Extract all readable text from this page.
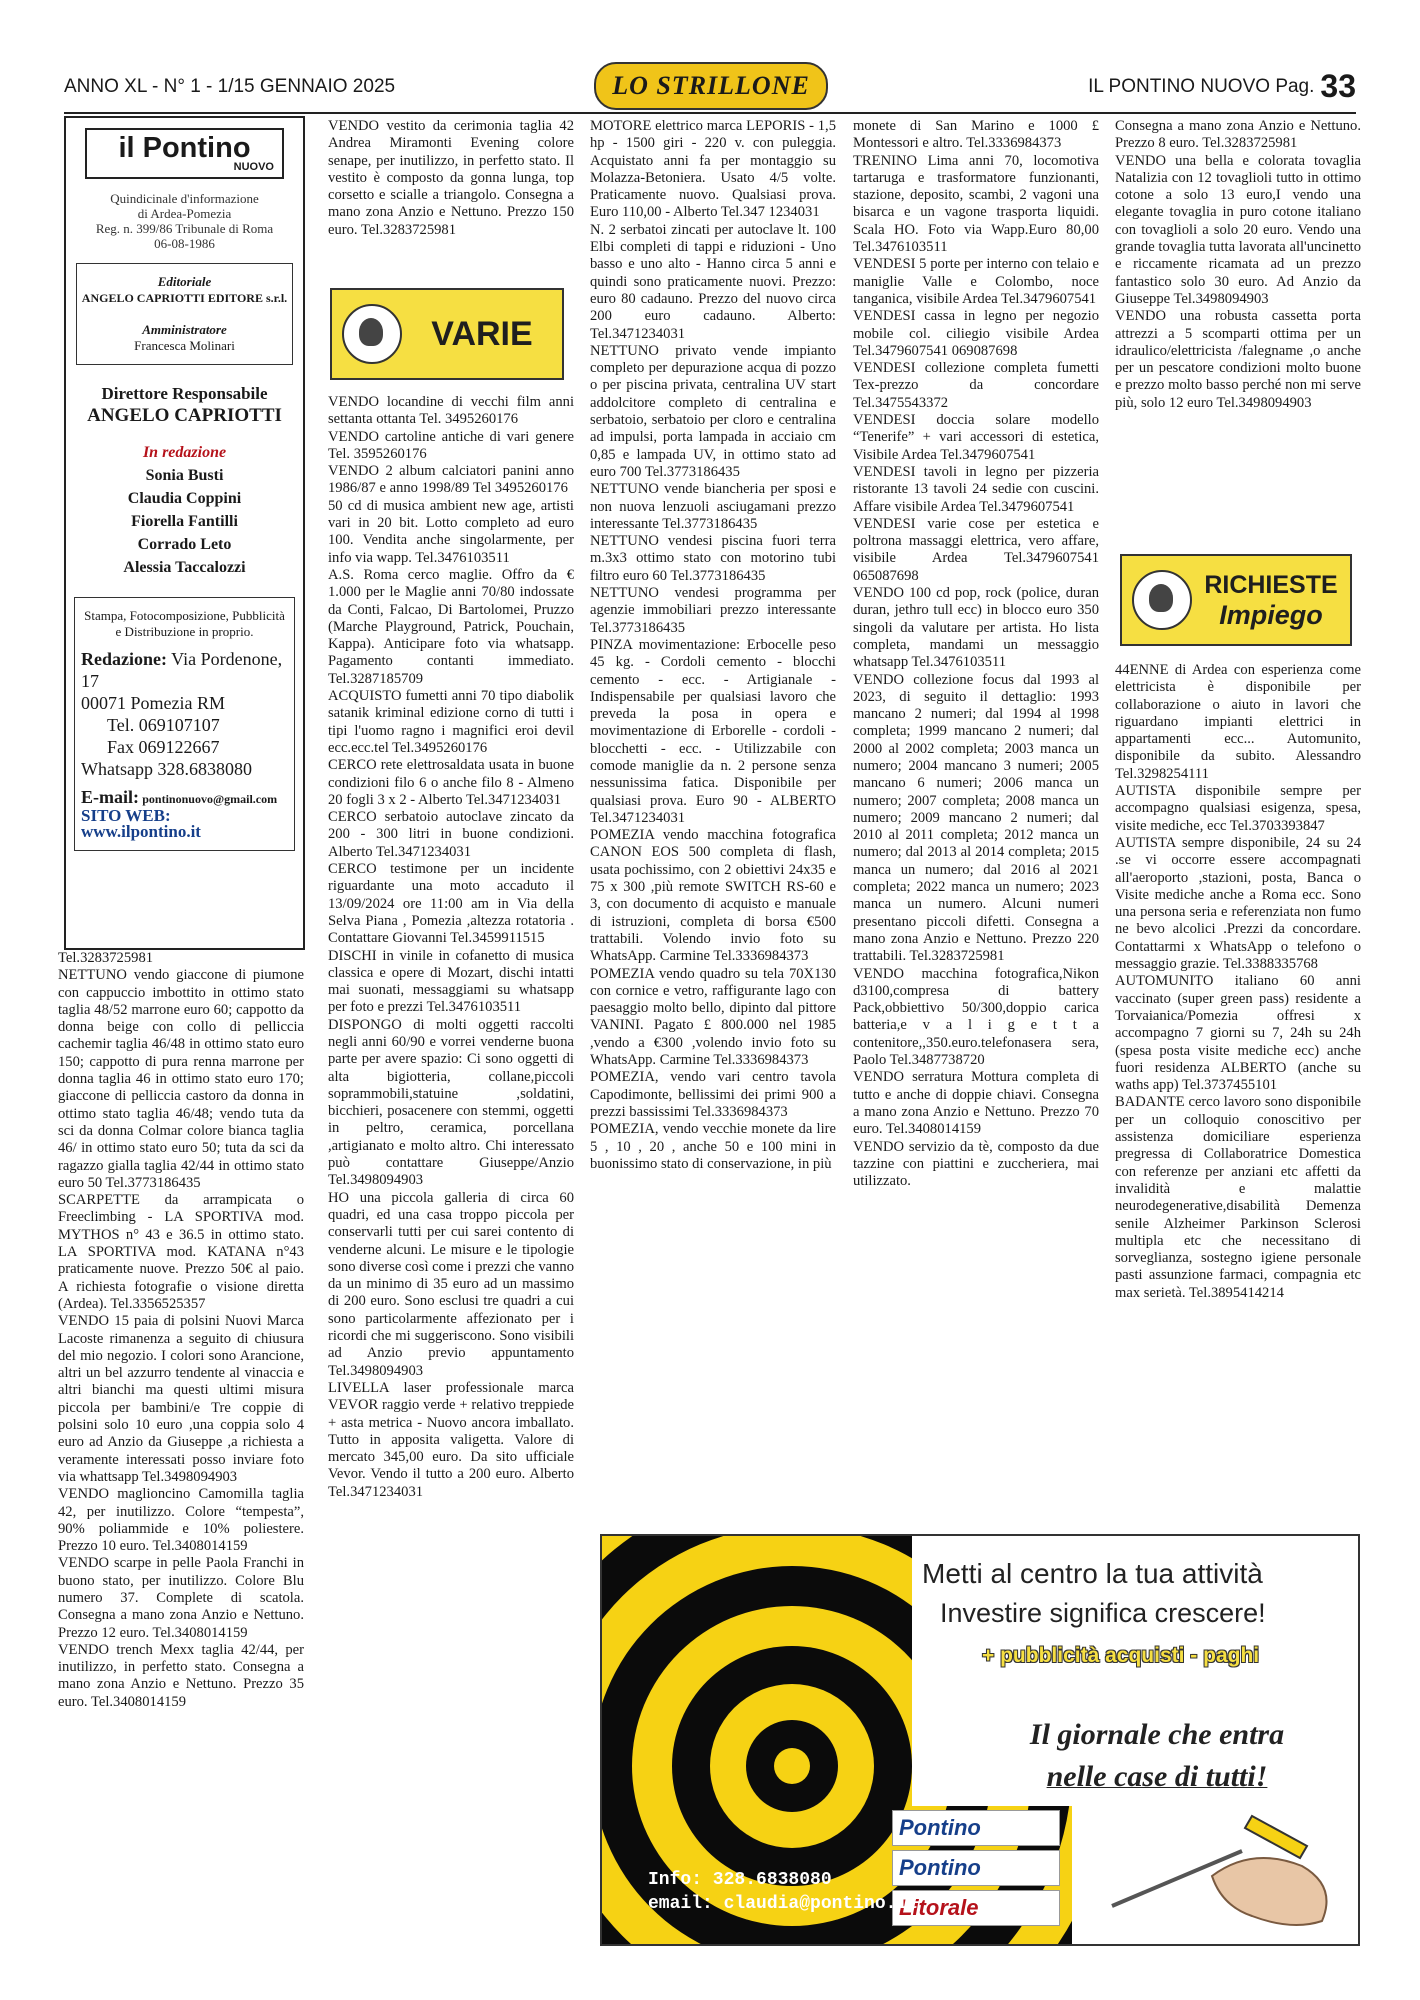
ANNO XL - N° 1 - 1/15 GENNAIO 2025	LO STRILLONE	IL PONTINO NUOVO Pag. 33
il Pontino
NUOVO
Quindicinale d'informazione
di Ardea-Pomezia
Reg. n. 399/86 Tribunale di Roma
06-08-1986
Editoriale
ANGELO CAPRIOTTI EDITORE s.r.l.
Amministratore
Francesca Molinari
Direttore Responsabile
ANGELO CAPRIOTTI
In redazione
Sonia Busti
Claudia Coppini
Fiorella Fantilli
Corrado Leto
Alessia Taccalozzi
Stampa, Fotocomposizione, Pubblicità e Distribuzione in proprio.
Redazione: Via Pordenone, 17
00071 Pomezia RM
Tel. 069107107
Fax 069122667
Whatsapp 328.6838080
E-mail: pontinonuovo@gmail.com
SITO WEB: www.ilpontino.it

Tel.3283725981

NETTUNO vendo giaccone di piumone con cappuccio imbottito in ottimo stato taglia 48/52 marrone euro 60; cappotto da donna beige con collo di pelliccia cachemir taglia 46/48 in ottimo stato euro 150; cappotto di pura renna marrone per donna taglia 46 in ottimo stato euro 170; giaccone di pelliccia castoro da donna in ottimo stato taglia 46/48; vendo tuta da sci da donna Colmar colore bianca taglia 46/ in ottimo stato euro 50; tuta da sci da ragazzo gialla taglia 42/44 in ottimo stato euro 50 Tel.3773186435

SCARPETTE da arrampicata o Freeclimbing - LA SPORTIVA mod. MYTHOS n° 43 e 36.5 in ottimo stato. LA SPORTIVA mod. KATANA n°43 praticamente nuove. Prezzo 50€ al paio. A richiesta fotografie o visione diretta (Ardea). Tel.3356525357

VENDO 15 paia di polsini Nuovi Marca Lacoste rimanenza a seguito di chiusura del mio negozio. I colori sono Arancione, altri un bel azzurro tendente al vinaccia e altri bianchi ma questi ultimi misura piccola per bambini/e Tre coppie di polsini solo 10 euro ,una coppia solo 4 euro ad Anzio da Giuseppe ,a richiesta a veramente interessati posso inviare foto via whattsapp Tel.3498094903

VENDO maglioncino Camomilla taglia 42, per inutilizzo. Colore “tempesta”, 90% poliammide e 10% poliestere. Prezzo 10 euro. Tel.3408014159

VENDO scarpe in pelle Paola Franchi in buono stato, per inutilizzo. Colore Blu numero 37. Complete di scatola. Consegna a mano zona Anzio e Nettuno. Prezzo 12 euro. Tel.3408014159

VENDO trench Mexx taglia 42/44, per inutilizzo, in perfetto stato. Consegna a mano zona Anzio e Nettuno. Prezzo 35 euro. Tel.3408014159

VENDO vestito da cerimonia taglia 42 Andrea Miramonti Evening colore senape, per inutilizzo, in perfetto stato. Il vestito è composto da gonna lunga, top corsetto e scialle a triangolo. Consegna a mano zona Anzio e Nettuno. Prezzo 150 euro. Tel.3283725981

VARIE

VENDO locandine di vecchi film anni settanta ottanta Tel. 3495260176

VENDO cartoline antiche di vari genere Tel. 3595260176

VENDO 2 album calciatori panini anno 1986/87 e anno 1998/89 Tel 3495260176

50 cd di musica ambient new age, artisti vari in 20 bit. Lotto completo ad euro 100. Vendita anche singolarmente, per info via wapp. Tel.3476103511

A.S. Roma cerco maglie. Offro da € 1.000 per le Maglie anni 70/80 indossate da Conti, Falcao, Di Bartolomei, Pruzzo (Marche Playground, Patrick, Pouchain, Kappa). Anticipare foto via whatsapp. Pagamento contanti immediato. Tel.3287185709

ACQUISTO fumetti anni 70 tipo diabolik satanik kriminal edizione corno di tutti i tipi l'uomo ragno i magnifici eroi devil ecc.ecc.tel Tel.3495260176

CERCO rete elettrosaldata usata in buone condizioni filo 6 o anche filo 8 - Almeno 20 fogli 3 x 2 - Alberto Tel.3471234031

CERCO serbatoio autoclave zincato da 200 - 300 litri in buone condizioni. Alberto Tel.3471234031

CERCO testimone per un incidente riguardante una moto accaduto il 13/09/2024 ore 11:00 am in Via della Selva Piana , Pomezia ,altezza rotatoria . Contattare Giovanni Tel.3459911515

DISCHI in vinile in cofanetto di musica classica e opere di Mozart, dischi intatti mai suonati, messaggiami su whatsapp per foto e prezzi Tel.3476103511

DISPONGO di molti oggetti raccolti negli anni 60/90 e vorrei venderne buona parte per avere spazio: Ci sono oggetti di alta bigiotteria, collane,piccoli soprammobili,statuine ,soldatini, bicchieri, posacenere con stemmi, oggetti in peltro, ceramica, porcellana ,artigianato e molto altro. Chi interessato può contattare Giuseppe/Anzio Tel.3498094903

HO una piccola galleria di circa 60 quadri, ed una casa troppo piccola per conservarli tutti per cui sarei contento di venderne alcuni. Le misure e le tipologie sono diverse così come i prezzi che vanno da un minimo di 35 euro ad un massimo di 200 euro. Sono esclusi tre quadri a cui sono particolarmente affezionato per i ricordi che mi suggeriscono. Sono visibili ad Anzio previo appuntamento Tel.3498094903

LIVELLA laser professionale marca VEVOR raggio verde + relativo treppiede + asta metrica - Nuovo ancora imballato. Tutto in apposita valigetta. Valore di mercato 345,00 euro. Da sito ufficiale Vevor. Vendo il tutto a 200 euro. Alberto Tel.3471234031

MOTORE elettrico marca LEPORIS - 1,5 hp - 1500 giri - 220 v. con puleggia. Acquistato anni fa per montaggio su Molazza-Betoniera. Usato 4/5 volte. Praticamente nuovo. Qualsiasi prova. Euro 110,00 - Alberto Tel.347 1234031

N. 2 serbatoi zincati per autoclave lt. 100 Elbi completi di tappi e riduzioni - Uno basso e uno alto - Hanno circa 5 anni e quindi sono praticamente nuovi. Prezzo: euro 80 cadauno. Prezzo del nuovo circa 200 euro cadauno. Alberto: Tel.3471234031

NETTUNO privato vende impianto completo per depurazione acqua di pozzo o per piscina privata, centralina UV start addolcitore completo di centralina e serbatoio, serbatoio per cloro e centralina ad impulsi, porta lampada in acciaio cm 0,85 e lampada UV, in ottimo stato ad euro 700 Tel.3773186435

NETTUNO vende biancheria per sposi e non nuova lenzuoli asciugamani prezzo interessante Tel.3773186435

NETTUNO vendesi piscina fuori terra m.3x3 ottimo stato con motorino tubi filtro euro 60 Tel.3773186435

NETTUNO vendesi programma per agenzie immobiliari prezzo interessante Tel.3773186435

PINZA movimentazione: Erbocelle peso 45 kg. - Cordoli cemento - blocchi cemento - ecc. - Artigianale - Indispensabile per qualsiasi lavoro che preveda la posa in opera e movimentazione di Erborelle - cordoli -blocchetti - ecc. - Utilizzabile con comode maniglie da n. 2 persone senza nessunissima fatica. Disponibile per qualsiasi prova. Euro 90 - ALBERTO Tel.3471234031

POMEZIA vendo macchina fotografica CANON EOS 500 completa di flash, usata pochissimo, con 2 obiettivi 24x35 e 75 x 300 ,più remote SWITCH RS-60 e 3, con documento di acquisto e manuale di istruzioni, completa di borsa €500 trattabili. Volendo invio foto su WhatsApp. Carmine Tel.3336984373

POMEZIA vendo quadro su tela 70X130 con cornice e vetro, raffigurante lago con paesaggio molto bello, dipinto dal pittore VANINI. Pagato £ 800.000 nel 1985 ,vendo a €300 ,volendo invio foto su WhatsApp. Carmine Tel.3336984373

POMEZIA, vendo vari centro tavola Capodimonte, bellissimi dei primi 900 a prezzi bassissimi Tel.3336984373

POMEZIA, vendo vecchie monete da lire 5 , 10 , 20 , anche 50 e 100 mini in buonissimo stato di conservazione, in più

monete di San Marino e 1000 £ Montessori e altro. Tel.3336984373

TRENINO Lima anni 70, locomotiva tartaruga e trasformatore funzionanti, stazione, deposito, scambi, 2 vagoni una bisarca e un vagone trasporta liquidi. Scala HO. Foto via Wapp.Euro 80,00 Tel.3476103511

VENDESI 5 porte per interno con telaio e maniglie Valle e Colombo, noce tanganica, visibile Ardea Tel.3479607541

VENDESI cassa in legno per negozio mobile col. ciliegio visibile Ardea Tel.3479607541 069087698

VENDESI collezione completa fumetti Tex-prezzo da concordare Tel.3475543372

VENDESI doccia solare modello “Tenerife” + vari accessori di estetica, Visibile Ardea Tel.3479607541

VENDESI tavoli in legno per pizzeria ristorante 13 tavoli 24 sedie con cuscini. Affare visibile Ardea Tel.3479607541

VENDESI varie cose per estetica e poltrona massaggi elettrica, vero affare, visibile Ardea Tel.3479607541 065087698

VENDO 100 cd pop, rock (police, duran duran, jethro tull ecc) in blocco euro 350 singoli da valutare per artista. Ho lista completa, mandami un messaggio whatsapp Tel.3476103511

VENDO collezione focus dal 1993 al 2023, di seguito il dettaglio: 1993 mancano 2 numeri; dal 1994 al 1998 completa; 1999 mancano 2 numeri; dal 2000 al 2002 completa; 2003 manca un numero; 2004 mancano 3 numeri; 2005 mancano 6 numeri; 2006 manca un numero; 2007 completa; 2008 manca un numero; 2009 mancano 2 numeri; dal 2010 al 2011 completa; 2012 manca un numero; dal 2013 al 2014 completa; 2015 manca un numero; dal 2016 al 2021 completa; 2022 manca un numero; 2023 manca un numero. Alcuni numeri presentano piccoli difetti. Consegna a mano zona Anzio e Nettuno. Prezzo 220 trattabili. Tel.3283725981

VENDO macchina fotografica,Nikon d3100,compresa di battery Pack,obbiettivo 50/300,doppio carica batteria,e v a l i g e t t a contenitore,,350.euro.telefonasera sera, Paolo Tel.3487738720

VENDO serratura Mottura completa di tutto e anche di doppie chiavi. Consegna a mano zona Anzio e Nettuno. Prezzo 70 euro. Tel.3408014159

VENDO servizio da tè, composto da due tazzine con piattini e zuccheriera, mai utilizzato.

Consegna a mano zona Anzio e Nettuno. Prezzo 8 euro. Tel.3283725981

VENDO una bella e colorata tovaglia Natalizia con 12 tovaglioli tutto in ottimo cotone a solo 13 euro,I vendo una elegante tovaglia in puro cotone italiano con tovaglioli a solo 20 euro. Vendo una grande tovaglia tutta lavorata all'uncinetto e riccamente ricamata ad un prezzo fantastico solo 30 euro. Ad Anzio da Giuseppe Tel.3498094903

VENDO una robusta cassetta porta attrezzi a 5 scomparti ottima per un idraulico/elettricista /falegname ,o anche per un pescatore condizioni molto buone e prezzo molto basso perché non mi serve più, solo 12 euro Tel.3498094903

RICHIESTE
Impiego

44ENNE di Ardea con esperienza come elettricista è disponibile per collaborazione o aiuto in lavori che riguardano impianti elettrici in appartamenti ecc... Automunito, disponibile da subito. Alessandro Tel.3298254111

AUTISTA disponibile sempre per accompagno qualsiasi esigenza, spesa, visite mediche, ecc Tel.3703393847

AUTISTA sempre disponibile, 24 su 24 .se vi occorre essere accompagnati all'aeroporto ,stazioni, posta, Banca o Visite mediche anche a Roma ecc. Sono una persona seria e referenziata non fumo ne bevo alcolici .Prezzi da concordare. Contattarmi x WhatsApp o telefono o messaggio grazie. Tel.3388335768

AUTOMUNITO italiano 60 anni vaccinato (super green pass) residente a Torvaianica/Pomezia offresi x accompagno 7 giorni su 7, 24h su 24h (spesa posta visite mediche ecc) anche fuori residenza ALBERTO (anche su waths app) Tel.3737455101

BADANTE cerco lavoro sono disponibile per un colloquio conoscitivo per assistenza domiciliare esperienza pregressa di Collaboratrice Domestica con referenze per anziani etc affetti da invalidità e malattie neurodegenerative,disabilità Demenza senile Alzheimer Parkinson Sclerosi multipla etc che necessitano di sorveglianza, sostegno igiene personale pasti assunzione farmaci, compagnia etc max serietà. Tel.3895414214

Metti al centro la tua attività
Investire significa crescere!
+ pubblicità acquisti - paghi
Il giornale che entra
nelle case di tutti!
Pontino
Pontino
Litorale
Info: 328.6838080
email: claudia@pontino.it
